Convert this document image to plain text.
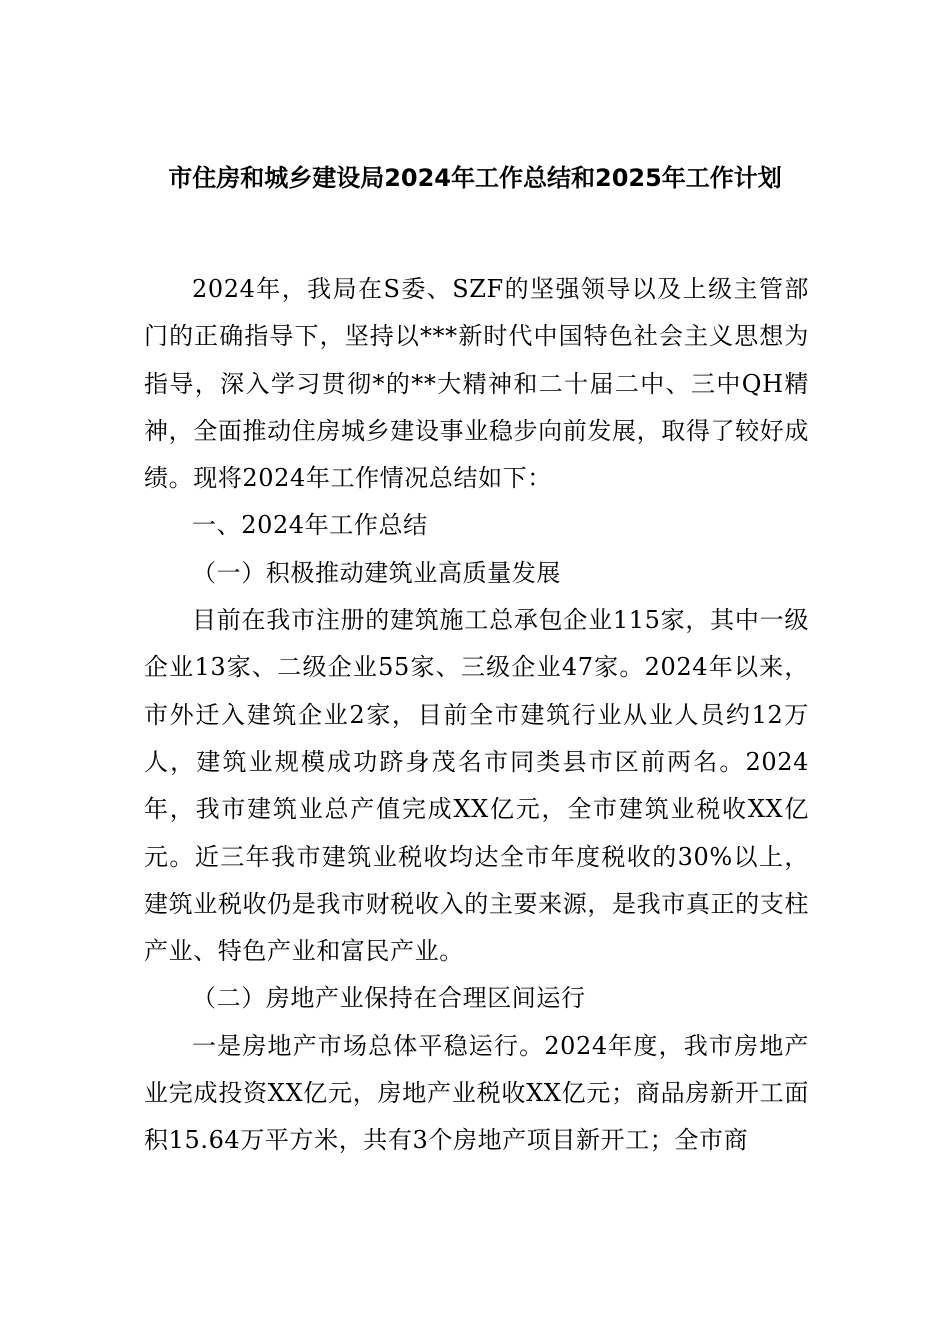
市住房和城乡建设局2024年工作总结和2025年工作计划

2024年，我局在S委、SZF的坚强领导以及上级主管部门的正确指导下，坚持以***新时代中国特色社会主义思想为指导，深入学习贯彻*的**大精神和二十届二中、三中QH精神，全面推动住房城乡建设事业稳步向前发展，取得了较好成绩。现将2024年工作情况总结如下：

一、2024年工作总结

（一）积极推动建筑业高质量发展

目前在我市注册的建筑施工总承包企业115家，其中一级企业13家、二级企业55家、三级企业47家。2024年以来，市外迁入建筑企业2家，目前全市建筑行业从业人员约12万人，建筑业规模成功跻身茂名市同类县市区前两名。2024年，我市建筑业总产值完成XX亿元，全市建筑业税收XX亿元。近三年我市建筑业税收均达全市年度税收的30%以上，建筑业税收仍是我市财税收入的主要来源，是我市真正的支柱产业、特色产业和富民产业。

（二）房地产业保持在合理区间运行

一是房地产市场总体平稳运行。2024年度，我市房地产业完成投资XX亿元，房地产业税收XX亿元；商品房新开工面积15.64万平方米，共有3个房地产项目新开工；全市商
